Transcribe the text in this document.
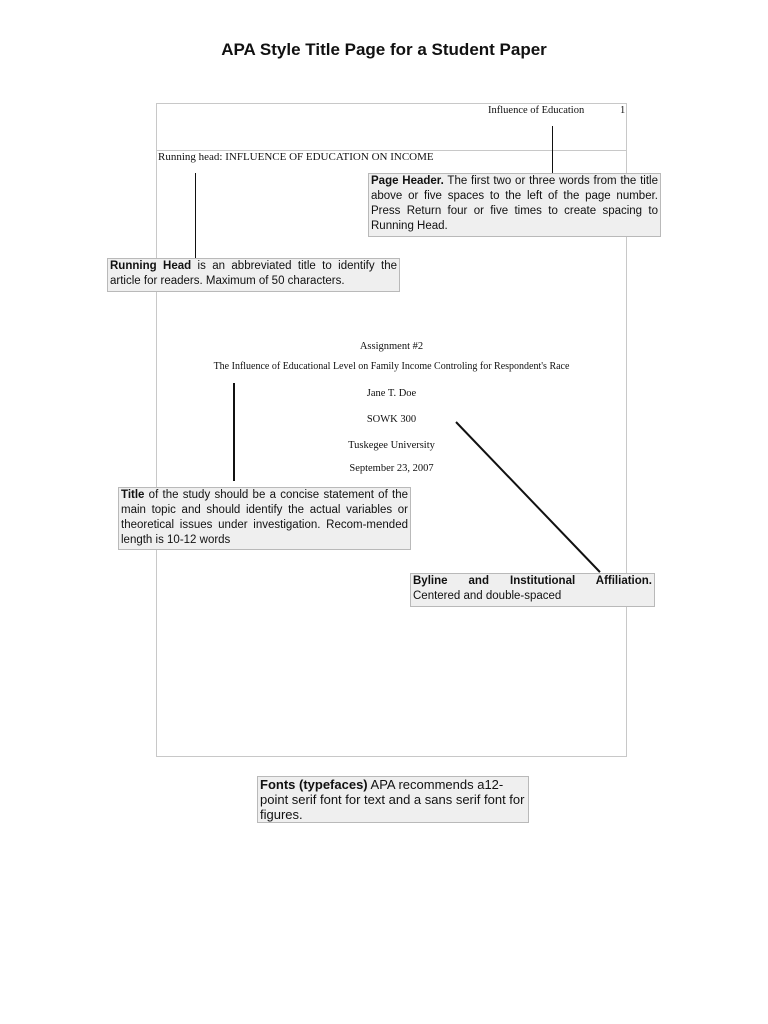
APA Style Title Page for a Student Paper
Influence of Education	1
Running head: INFLUENCE OF EDUCATION ON INCOME
Assignment #2
The Influence of Educational Level on Family Income Controling for Respondent's Race
Jane T. Doe
SOWK 300
Tuskegee University
September 23, 2007
Page Header. The first two or three words from the title above or five spaces to the left of the page number. Press Return four or five times to create spacing to Running Head.
Running Head is an abbreviated title to identify the article for readers. Maximum of 50 characters.
Title of the study should be a concise statement of the main topic and should identify the actual variables or theoretical issues under investigation. Recom-mended length is 10-12 words
Byline and Institutional Affiliation.
Centered and double-spaced
Fonts (typefaces) APA recommends a12-point serif font for text and a sans serif font for figures.
